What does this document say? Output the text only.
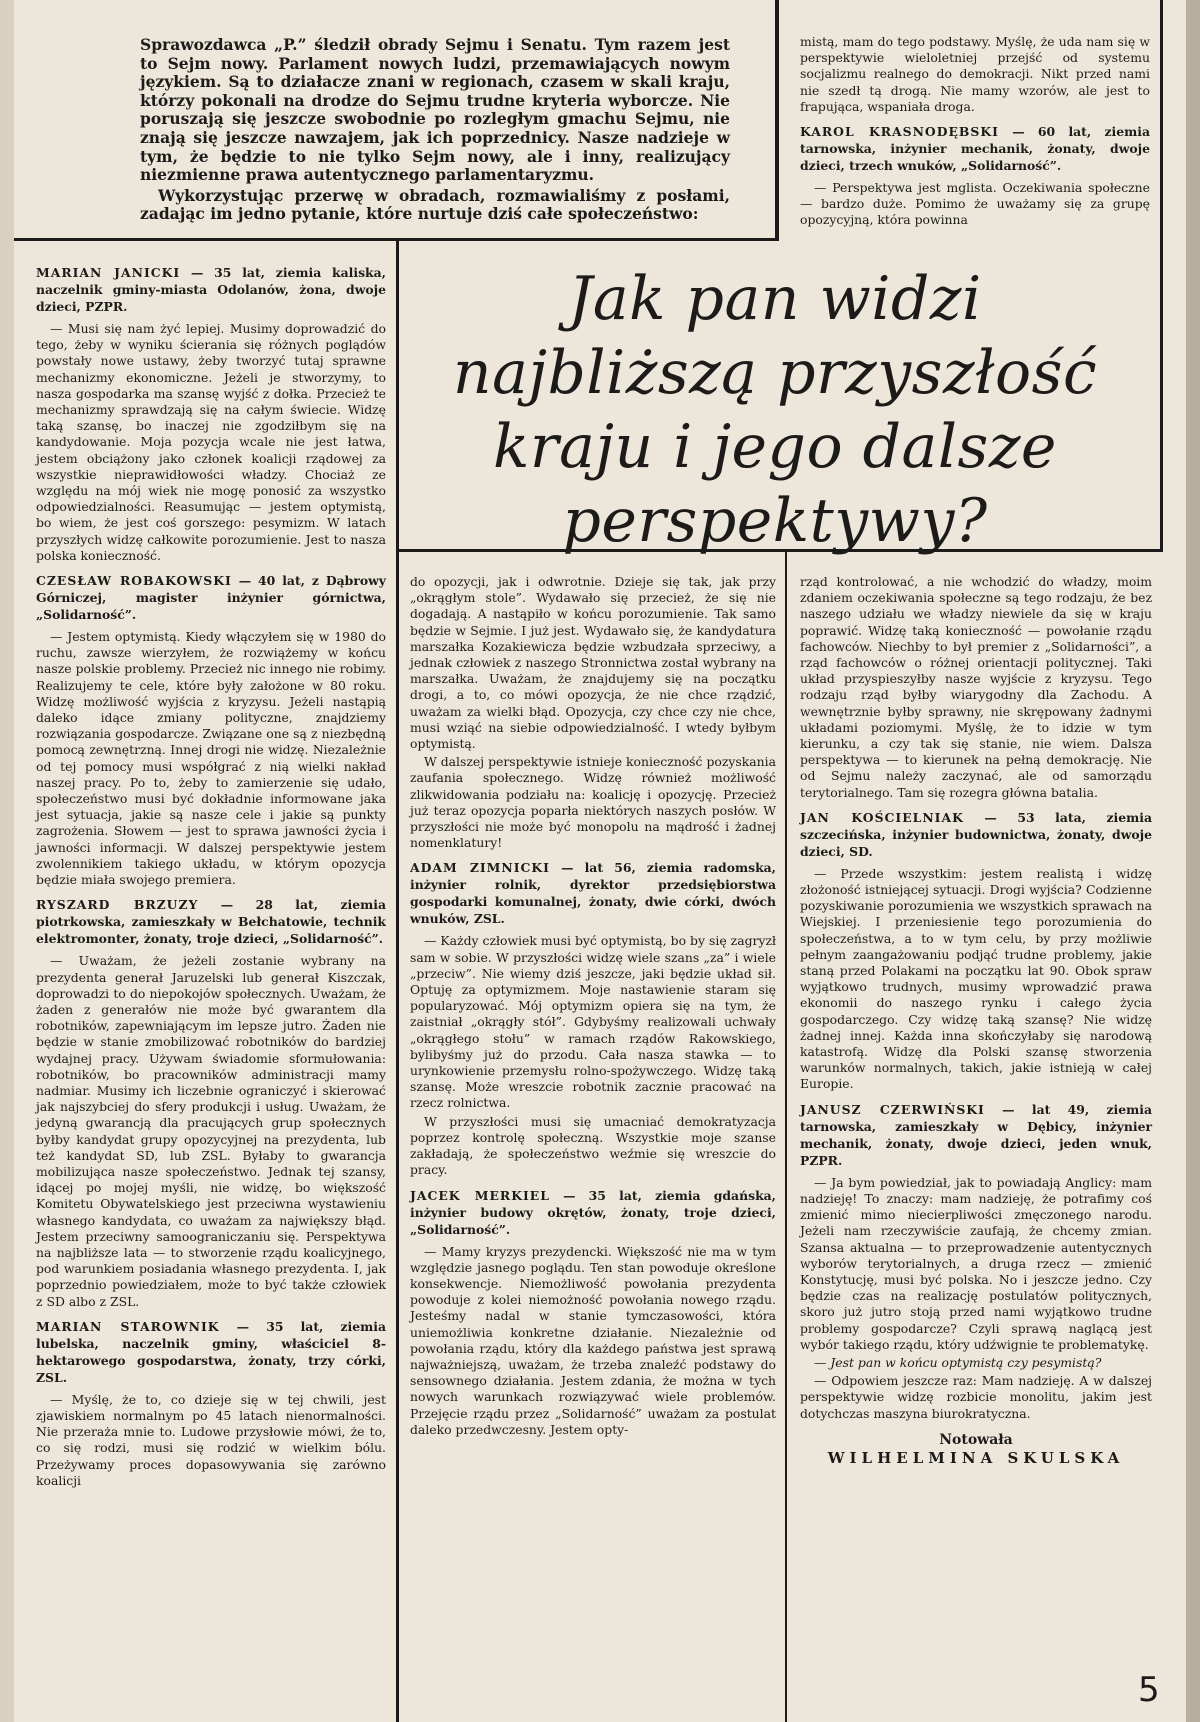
Sprawozdawca „P.” śledził obrady Sejmu i Senatu. Tym razem jest to Sejm nowy. Parlament nowych ludzi, przemawiających nowym językiem. Są to działacze znani w regionach, czasem w skali kraju, którzy pokonali na drodze do Sejmu trudne kryteria wyborcze. Nie poruszają się jeszcze swobodnie po rozległym gmachu Sejmu, nie znają się jeszcze nawzajem, jak ich poprzednicy. Nasze nadzieje w tym, że będzie to nie tylko Sejm nowy, ale i inny, realizujący niezmienne prawa autentycznego parlamentaryzmu.

Wykorzystując przerwę w obradach, rozmawialiśmy z posłami, zadając im jedno pytanie, które nurtuje dziś całe społeczeństwo:

mistą, mam do tego podstawy. Myślę, że uda nam się w perspektywie wieloletniej przejść od systemu socjalizmu realnego do demokracji. Nikt przed nami nie szedł tą drogą. Nie mamy wzorów, ale jest to frapująca, wspaniała droga.

KAROL KRASNODĘBSKI — 60 lat, ziemia tarnowska, inżynier mechanik, żonaty, dwoje dzieci, trzech wnuków, „Solidarność”.

— Perspektywa jest mglista. Oczekiwania społeczne — bardzo duże. Pomimo że uważamy się za grupę opozycyjną, która powinna

Jak pan widzi najbliższą przyszłość kraju i jego dalsze perspektywy?

MARIAN JANICKI — 35 lat, ziemia kaliska, naczelnik gminy-miasta Odolanów, żona, dwoje dzieci, PZPR.

— Musi się nam żyć lepiej. Musimy doprowadzić do tego, żeby w wyniku ścierania się różnych poglądów powstały nowe ustawy, żeby tworzyć tutaj sprawne mechanizmy ekonomiczne. Jeżeli je stworzymy, to nasza gospodarka ma szansę wyjść z dołka. Przecież te mechanizmy sprawdzają się na całym świecie. Widzę taką szansę, bo inaczej nie zgodziłbym się na kandydowanie. Moja pozycja wcale nie jest łatwa, jestem obciążony jako członek koalicji rządowej za wszystkie nieprawidłowości władzy. Chociaż ze względu na mój wiek nie mogę ponosić za wszystko odpowiedzialności. Reasumując — jestem optymistą, bo wiem, że jest coś gorszego: pesymizm. W latach przyszłych widzę całkowite porozumienie. Jest to nasza polska konieczność.

CZESŁAW ROBAKOWSKI — 40 lat, z Dąbrowy Górniczej, magister inżynier górnictwa, „Solidarność”.

— Jestem optymistą. Kiedy włączyłem się w 1980 do ruchu, zawsze wierzyłem, że rozwiążemy w końcu nasze polskie problemy. Przecież nic innego nie robimy. Realizujemy te cele, które były założone w 80 roku. Widzę możliwość wyjścia z kryzysu. Jeżeli nastąpią daleko idące zmiany polityczne, znajdziemy rozwiązania gospodarcze. Związane one są z niezbędną pomocą zewnętrzną. Innej drogi nie widzę. Niezależnie od tej pomocy musi współgrać z nią wielki nakład naszej pracy. Po to, żeby to zamierzenie się udało, społeczeństwo musi być dokładnie informowane jaka jest sytuacja, jakie są nasze cele i jakie są punkty zagrożenia. Słowem — jest to sprawa jawności życia i jawności informacji. W dalszej perspektywie jestem zwolennikiem takiego układu, w którym opozycja będzie miała swojego premiera.

RYSZARD BRZUZY — 28 lat, ziemia piotrkowska, zamieszkały w Bełchatowie, technik elektromonter, żonaty, troje dzieci, „Solidarność”.

— Uważam, że jeżeli zostanie wybrany na prezydenta generał Jaruzelski lub generał Kiszczak, doprowadzi to do niepokojów społecznych. Uważam, że żaden z generałów nie może być gwarantem dla robotników, zapewniającym im lepsze jutro. Żaden nie będzie w stanie zmobilizować robotników do bardziej wydajnej pracy. Używam świadomie sformułowania: robotników, bo pracowników administracji mamy nadmiar. Musimy ich liczebnie ograniczyć i skierować jak najszybciej do sfery produkcji i usług. Uważam, że jedyną gwarancją dla pracujących grup społecznych byłby kandydat grupy opozycyjnej na prezydenta, lub też kandydat SD, lub ZSL. Byłaby to gwarancja mobilizująca nasze społeczeństwo. Jednak tej szansy, idącej po mojej myśli, nie widzę, bo większość Komitetu Obywatelskiego jest przeciwna wystawieniu własnego kandydata, co uważam za największy błąd. Jestem przeciwny samoograniczaniu się. Perspektywa na najbliższe lata — to stworzenie rządu koalicyjnego, pod warunkiem posiadania własnego prezydenta. I, jak poprzednio powiedziałem, może to być także człowiek z SD albo z ZSL.

MARIAN STAROWNIK — 35 lat, ziemia lubelska, naczelnik gminy, właściciel 8-hektarowego gospodarstwa, żonaty, trzy córki, ZSL.

— Myślę, że to, co dzieje się w tej chwili, jest zjawiskiem normalnym po 45 latach nienormalności. Nie przeraża mnie to. Ludowe przysłowie mówi, że to, co się rodzi, musi się rodzić w wielkim bólu. Przeżywamy proces dopasowywania się zarówno koalicji

do opozycji, jak i odwrotnie. Dzieje się tak, jak przy „okrągłym stole”. Wydawało się przecież, że się nie dogadają. A nastąpiło w końcu porozumienie. Tak samo będzie w Sejmie. I już jest. Wydawało się, że kandydatura marszałka Kozakiewicza będzie wzbudzała sprzeciwy, a jednak człowiek z naszego Stronnictwa został wybrany na marszałka. Uważam, że znajdujemy się na początku drogi, a to, co mówi opozycja, że nie chce rządzić, uważam za wielki błąd. Opozycja, czy chce czy nie chce, musi wziąć na siebie odpowiedzialność. I wtedy byłbym optymistą.

W dalszej perspektywie istnieje konieczność pozyskania zaufania społecznego. Widzę również możliwość zlikwidowania podziału na: koalicję i opozycję. Przecież już teraz opozycja poparła niektórych naszych posłów. W przyszłości nie może być monopolu na mądrość i żadnej nomenklatury!

ADAM ZIMNICKI — lat 56, ziemia radomska, inżynier rolnik, dyrektor przedsiębiorstwa gospodarki komunalnej, żonaty, dwie córki, dwóch wnuków, ZSL.

— Każdy człowiek musi być optymistą, bo by się zagryzł sam w sobie. W przyszłości widzę wiele szans „za” i wiele „przeciw”. Nie wiemy dziś jeszcze, jaki będzie układ sił. Optuję za optymizmem. Moje nastawienie staram się popularyzować. Mój optymizm opiera się na tym, że zaistniał „okrągły stół”. Gdybyśmy realizowali uchwały „okrągłego stołu” w ramach rządów Rakowskiego, bylibyśmy już do przodu. Cała nasza stawka — to urynkowienie przemysłu rolno-spożywczego. Widzę taką szansę. Może wreszcie robotnik zacznie pracować na rzecz rolnictwa.

W przyszłości musi się umacniać demokratyzacja poprzez kontrolę społeczną. Wszystkie moje szanse zakładają, że społeczeństwo weźmie się wreszcie do pracy.

JACEK MERKIEL — 35 lat, ziemia gdańska, inżynier budowy okrętów, żonaty, troje dzieci, „Solidarność”.

— Mamy kryzys prezydencki. Większość nie ma w tym względzie jasnego poglądu. Ten stan powoduje określone konsekwencje. Niemożliwość powołania prezydenta powoduje z kolei niemożność powołania nowego rządu. Jesteśmy nadal w stanie tymczasowości, która uniemożliwia konkretne działanie. Niezależnie od powołania rządu, który dla każdego państwa jest sprawą najważniejszą, uważam, że trzeba znaleźć podstawy do sensownego działania. Jestem zdania, że można w tych nowych warunkach rozwiązywać wiele problemów. Przejęcie rządu przez „Solidarność” uważam za postulat daleko przedwczesny. Jestem opty-

rząd kontrolować, a nie wchodzić do władzy, moim zdaniem oczekiwania społeczne są tego rodzaju, że bez naszego udziału we władzy niewiele da się w kraju poprawić. Widzę taką konieczność — powołanie rządu fachowców. Niechby to był premier z „Solidarności”, a rząd fachowców o różnej orientacji politycznej. Taki układ przyspieszyłby nasze wyjście z kryzysu. Tego rodzaju rząd byłby wiarygodny dla Zachodu. A wewnętrznie byłby sprawny, nie skrępowany żadnymi układami poziomymi. Myślę, że to idzie w tym kierunku, a czy tak się stanie, nie wiem. Dalsza perspektywa — to kierunek na pełną demokrację. Nie od Sejmu należy zaczynać, ale od samorządu terytorialnego. Tam się rozegra główna batalia.

JAN KOŚCIELNIAK — 53 lata, ziemia szczecińska, inżynier budownictwa, żonaty, dwoje dzieci, SD.

— Przede wszystkim: jestem realistą i widzę złożoność istniejącej sytuacji. Drogi wyjścia? Codzienne pozyskiwanie porozumienia we wszystkich sprawach na Wiejskiej. I przeniesienie tego porozumienia do społeczeństwa, a to w tym celu, by przy możliwie pełnym zaangażowaniu podjąć trudne problemy, jakie staną przed Polakami na początku lat 90. Obok spraw wyjątkowo trudnych, musimy wprowadzić prawa ekonomii do naszego rynku i całego życia gospodarczego. Czy widzę taką szansę? Nie widzę żadnej innej. Każda inna skończyłaby się narodową katastrofą. Widzę dla Polski szansę stworzenia warunków normalnych, takich, jakie istnieją w całej Europie.

JANUSZ CZERWIŃSKI — lat 49, ziemia tarnowska, zamieszkały w Dębicy, inżynier mechanik, żonaty, dwoje dzieci, jeden wnuk, PZPR.

— Ja bym powiedział, jak to powiadają Anglicy: mam nadzieję! To znaczy: mam nadzieję, że potrafimy coś zmienić mimo niecierpliwości zmęczonego narodu. Jeżeli nam rzeczywiście zaufają, że chcemy zmian. Szansa aktualna — to przeprowadzenie autentycznych wyborów terytorialnych, a druga rzecz — zmienić Konstytucję, musi być polska. No i jeszcze jedno. Czy będzie czas na realizację postulatów politycznych, skoro już jutro stoją przed nami wyjątkowo trudne problemy gospodarcze? Czyli sprawą naglącą jest wybór takiego rządu, który udźwignie te problematykę.

— Jest pan w końcu optymistą czy pesymistą?

— Odpowiem jeszcze raz: Mam nadzieję. A w dalszej perspektywie widzę rozbicie monolitu, jakim jest dotychczas maszyna biurokratyczna.

Notowała

WILHELMINA SKULSKA

5
